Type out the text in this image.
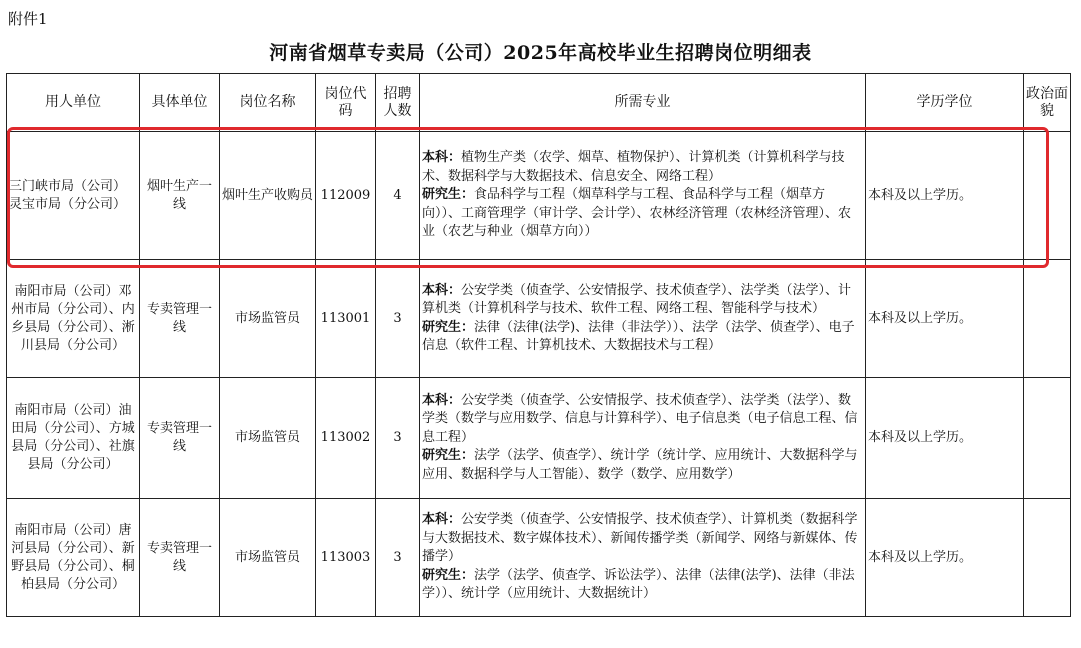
附件1
河南省烟草专卖局（公司）2025年高校毕业生招聘岗位明细表
用人单位	具体单位	岗位名称	岗位代码	招聘人数	所需专业	学历学位	政治面貌
三门峡市局（公司）灵宝市局（分公司）	烟叶生产一线	烟叶生产收购员	112009	4	本科：植物生产类（农学、烟草、植物保护）、计算机类（计算机科学与技术、数据科学与大数据技术、信息安全、网络工程）
研究生：食品科学与工程（烟草科学与工程、食品科学与工程（烟草方向））、工商管理学（审计学、会计学）、农林经济管理（农林经济管理）、农业（农艺与种业（烟草方向））	本科及以上学历。	
南阳市局（公司）邓州市局（分公司）、内乡县局（分公司）、淅川县局（分公司）	专卖管理一线	市场监管员	113001	3	本科：公安学类（侦查学、公安情报学、技术侦查学）、法学类（法学）、计算机类（计算机科学与技术、软件工程、网络工程、智能科学与技术）
研究生：法律（法律(法学)、法律（非法学））、法学（法学、侦查学）、电子信息（软件工程、计算机技术、大数据技术与工程）	本科及以上学历。	
南阳市局（公司）油田局（分公司）、方城县局（分公司）、社旗县局（分公司）	专卖管理一线	市场监管员	113002	3	本科：公安学类（侦查学、公安情报学、技术侦查学）、法学类（法学）、数学类（数学与应用数学、信息与计算科学）、电子信息类（电子信息工程、信息工程）
研究生：法学（法学、侦查学）、统计学（统计学、应用统计、大数据科学与应用、数据科学与人工智能）、数学（数学、应用数学）	本科及以上学历。	
南阳市局（公司）唐河县局（分公司）、新野县局（分公司）、桐柏县局（分公司）	专卖管理一线	市场监管员	113003	3	本科：公安学类（侦查学、公安情报学、技术侦查学）、计算机类（数据科学与大数据技术、数字媒体技术）、新闻传播学类（新闻学、网络与新媒体、传播学）
研究生：法学（法学、侦查学、诉讼法学）、法律（法律(法学)、法律（非法学））、统计学（应用统计、大数据统计）	本科及以上学历。	
